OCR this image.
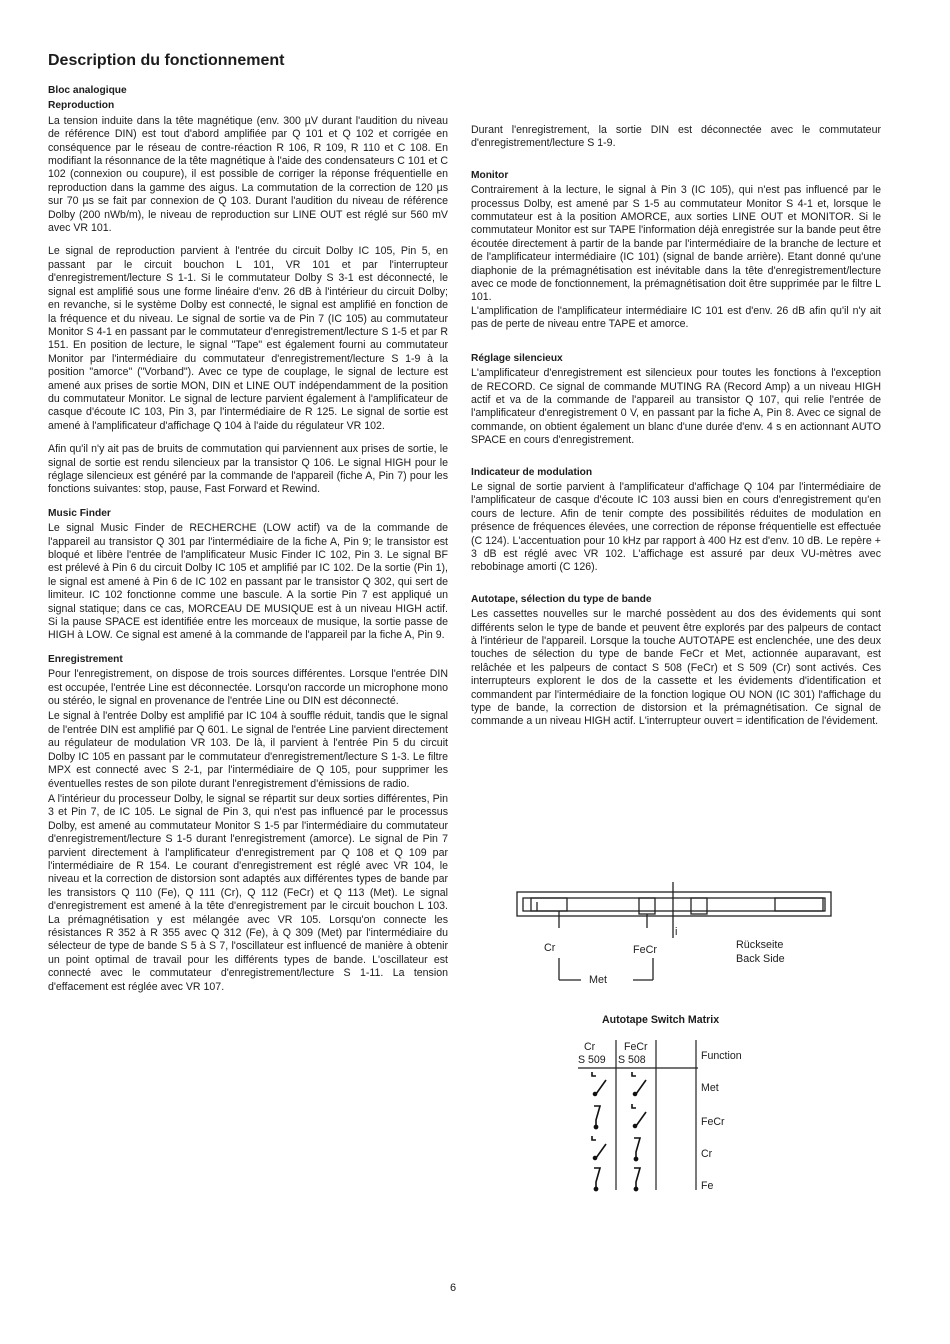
Description du fonctionnement
Bloc analogique
Reproduction

La tension induite dans la tête magnétique (env. 300 µV durant l'audition du niveau de référence DIN) est tout d'abord amplifiée par Q 101 et Q 102 et corrigée en conséquence par le réseau de contre-réaction R 106, R 109, R 110 et C 108. En modifiant la résonnance de la tête magnétique à l'aide des condensateurs C 101 et C 102 (connexion ou coupure), il est possible de corriger la réponse fréquentielle en reproduction dans la gamme des aigus. La commutation de la correction de 120 µs sur 70 µs se fait par connexion de Q 103. Durant l'audition du niveau de référence Dolby (200 nWb/m), le niveau de reproduction sur LINE OUT est réglé sur 560 mV avec VR 101.

Le signal de reproduction parvient à l'entrée du circuit Dolby IC 105, Pin 5, en passant par le circuit bouchon L 101, VR 101 et par l'interrupteur d'enregistrement/lecture S 1-1. Si le commutateur Dolby S 3-1 est déconnecté, le signal est amplifié sous une forme linéaire d'env. 26 dB à l'intérieur du circuit Dolby; en revanche, si le système Dolby est connecté, le signal est amplifié en fonction de la fréquence et du niveau. Le signal de sortie va de Pin 7 (IC 105) au commutateur Monitor S 4-1 en passant par le commutateur d'enregistrement/lecture S 1-5 et par R 151. En position de lecture, le signal "Tape" est également fourni au commutateur Monitor par l'intermédiaire du commutateur d'enregistrement/lecture S 1-9 à la position "amorce" ("Vorband"). Avec ce type de couplage, le signal de lecture est amené aux prises de sortie MON, DIN et LINE OUT indépendamment de la position du commutateur Monitor. Le signal de lecture parvient également à l'amplificateur de casque d'écoute IC 103, Pin 3, par l'intermédiaire de R 125. Le signal de sortie est amené à l'amplificateur d'affichage Q 104 à l'aide du régulateur VR 102.

Afin qu'il n'y ait pas de bruits de commutation qui parviennent aux prises de sortie, le signal de sortie est rendu silencieux par la transistor Q 106. Le signal HIGH pour le réglage silencieux est généré par la commande de l'appareil (fiche A, Pin 7) pour les fonctions suivantes: stop, pause, Fast Forward et Rewind.

Music Finder

Le signal Music Finder de RECHERCHE (LOW actif) va de la commande de l'appareil au transistor Q 301 par l'intermédiaire de la fiche A, Pin 9; le transistor est bloqué et libère l'entrée de l'amplificateur Music Finder IC 102, Pin 3. Le signal BF est prélevé à Pin 6 du circuit Dolby IC 105 et amplifié par IC 102. De la sortie (Pin 1), le signal est amené à Pin 6 de IC 102 en passant par le transistor Q 302, qui sert de limiteur. IC 102 fonctionne comme une bascule. A la sortie Pin 7 est appliqué un signal statique; dans ce cas, MORCEAU DE MUSIQUE est à un niveau HIGH actif. Si la pause SPACE est identifiée entre les morceaux de musique, la sortie passe de HIGH à LOW. Ce signal est amené à la commande de l'appareil par la fiche A, Pin 9.

Enregistrement

Pour l'enregistrement, on dispose de trois sources différentes. Lorsque l'entrée DIN est occupée, l'entrée Line est déconnectée. Lorsqu'on raccorde un microphone mono ou stéréo, le signal en provenance de l'entrée Line ou DIN est déconnecté.

Le signal à l'entrée Dolby est amplifié par IC 104 à souffle réduit, tandis que le signal de l'entrée DIN est amplifié par Q 601. Le signal de l'entrée Line parvient directement au régulateur de modulation VR 103. De là, il parvient à l'entrée Pin 5 du circuit Dolby IC 105 en passant par le commutateur d'enregistrement/lecture S 1-3. Le filtre MPX est connecté avec S 2-1, par l'intermédiaire de Q 105, pour supprimer les éventuelles restes de son pilote durant l'enregistrement d'émissions de radio.

A l'intérieur du processeur Dolby, le signal se répartit sur deux sorties différentes, Pin 3 et Pin 7, de IC 105. Le signal de Pin 3, qui n'est pas influencé par le processus Dolby, est amené au commutateur Monitor S 1-5 par l'intermédiaire du commutateur d'enregistrement/lecture S 1-5 durant l'enregistrement (amorce). Le signal de Pin 7 parvient directement à l'amplificateur d'enregistrement par Q 108 et Q 109 par l'intermédiaire de R 154. Le courant d'enregistrement est réglé avec VR 104, le niveau et la correction de distorsion sont adaptés aux différentes types de bande par les transistors Q 110 (Fe), Q 111 (Cr), Q 112 (FeCr) et Q 113 (Met). Le signal d'enregistrement est amené à la tête d'enregistrement par le circuit bouchon L 103. La prémagnétisation y est mélangée avec VR 105. Lorsqu'on connecte les résistances R 352 à R 355 avec Q 312 (Fe), à Q 309 (Met) par l'intermédiaire du sélecteur de type de bande S 5 à S 7, l'oscillateur est influencé de manière à obtenir un point optimal de travail pour les différents types de bande. L'oscillateur est connecté avec le commutateur d'enregistrement/lecture S 1-11. La tension d'effacement est réglée avec VR 107.

Durant l'enregistrement, la sortie DIN est déconnectée avec le commutateur d'enregistrement/lecture S 1-9.

Monitor

Contrairement à la lecture, le signal à Pin 3 (IC 105), qui n'est pas influencé par le processus Dolby, est amené par S 1-5 au commutateur Monitor S 4-1 et, lorsque le commutateur est à la position AMORCE, aux sorties LINE OUT et MONITOR. Si le commutateur Monitor est sur TAPE l'information déjà enregistrée sur la bande peut être écoutée directement à partir de la bande par l'intermédiaire de la branche de lecture et de l'amplificateur intermédiaire (IC 101) (signal de bande arrière). Etant donné qu'une diaphonie de la prémagnétisation est inévitable dans la tête d'enregistrement/lecture avec ce mode de fonctionnement, la prémagnétisation doit être supprimée par le filtre L 101.

L'amplification de l'amplificateur intermédiaire IC 101 est d'env. 26 dB afin qu'il n'y ait pas de perte de niveau entre TAPE et amorce.

Réglage silencieux

L'amplificateur d'enregistrement est silencieux pour toutes les fonctions à l'exception de RECORD. Ce signal de commande MUTING RA (Record Amp) a un niveau HIGH actif et va de la commande de l'appareil au transistor Q 107, qui relie l'entrée de l'amplificateur d'enregistrement 0 V, en passant par la fiche A, Pin 8. Avec ce signal de commande, on obtient également un blanc d'une durée d'env. 4 s en actionnant AUTO SPACE en cours d'enregistrement.

Indicateur de modulation

Le signal de sortie parvient à l'amplificateur d'affichage Q 104 par l'intermédiaire de l'amplificateur de casque d'écoute IC 103 aussi bien en cours d'enregistrement qu'en cours de lecture. Afin de tenir compte des possibilités réduites de modulation en présence de fréquences élevées, une correction de réponse fréquentielle est effectuée (C 124). L'accentuation pour 10 kHz par rapport à 400 Hz est d'env. 10 dB. Le repère + 3 dB est réglé avec VR 102. L'affichage est assuré par deux VU-mètres avec rebobinage amorti (C 126).

Autotape, sélection du type de bande

Les cassettes nouvelles sur le marché possèdent au dos des évidements qui sont différents selon le type de bande et peuvent être explorés par des palpeurs de contact à l'intérieur de l'appareil. Lorsque la touche AUTOTAPE est enclenchée, une des deux touches de sélection du type de bande FeCr et Met, actionnée auparavant, est relâchée et les palpeurs de contact S 508 (FeCr) et S 509 (Cr) sont activés. Ces interrupteurs explorent le dos de la cassette et les évidements d'identification et commandent par l'intermédiaire de la fonction logique OU NON (IC 301) l'affichage du type de bande, la correction de distorsion et la prémagnétisation. Ce signal de commande a un niveau HIGH actif. L'interrupteur ouvert = identification de l'évidement.

Cr	FeCr
i
Met
Rückseite
Back Side
Autotape Switch Matrix
Cr
S 509
FeCr
S 508	Function
Met
FeCr
Cr
Fe
6
